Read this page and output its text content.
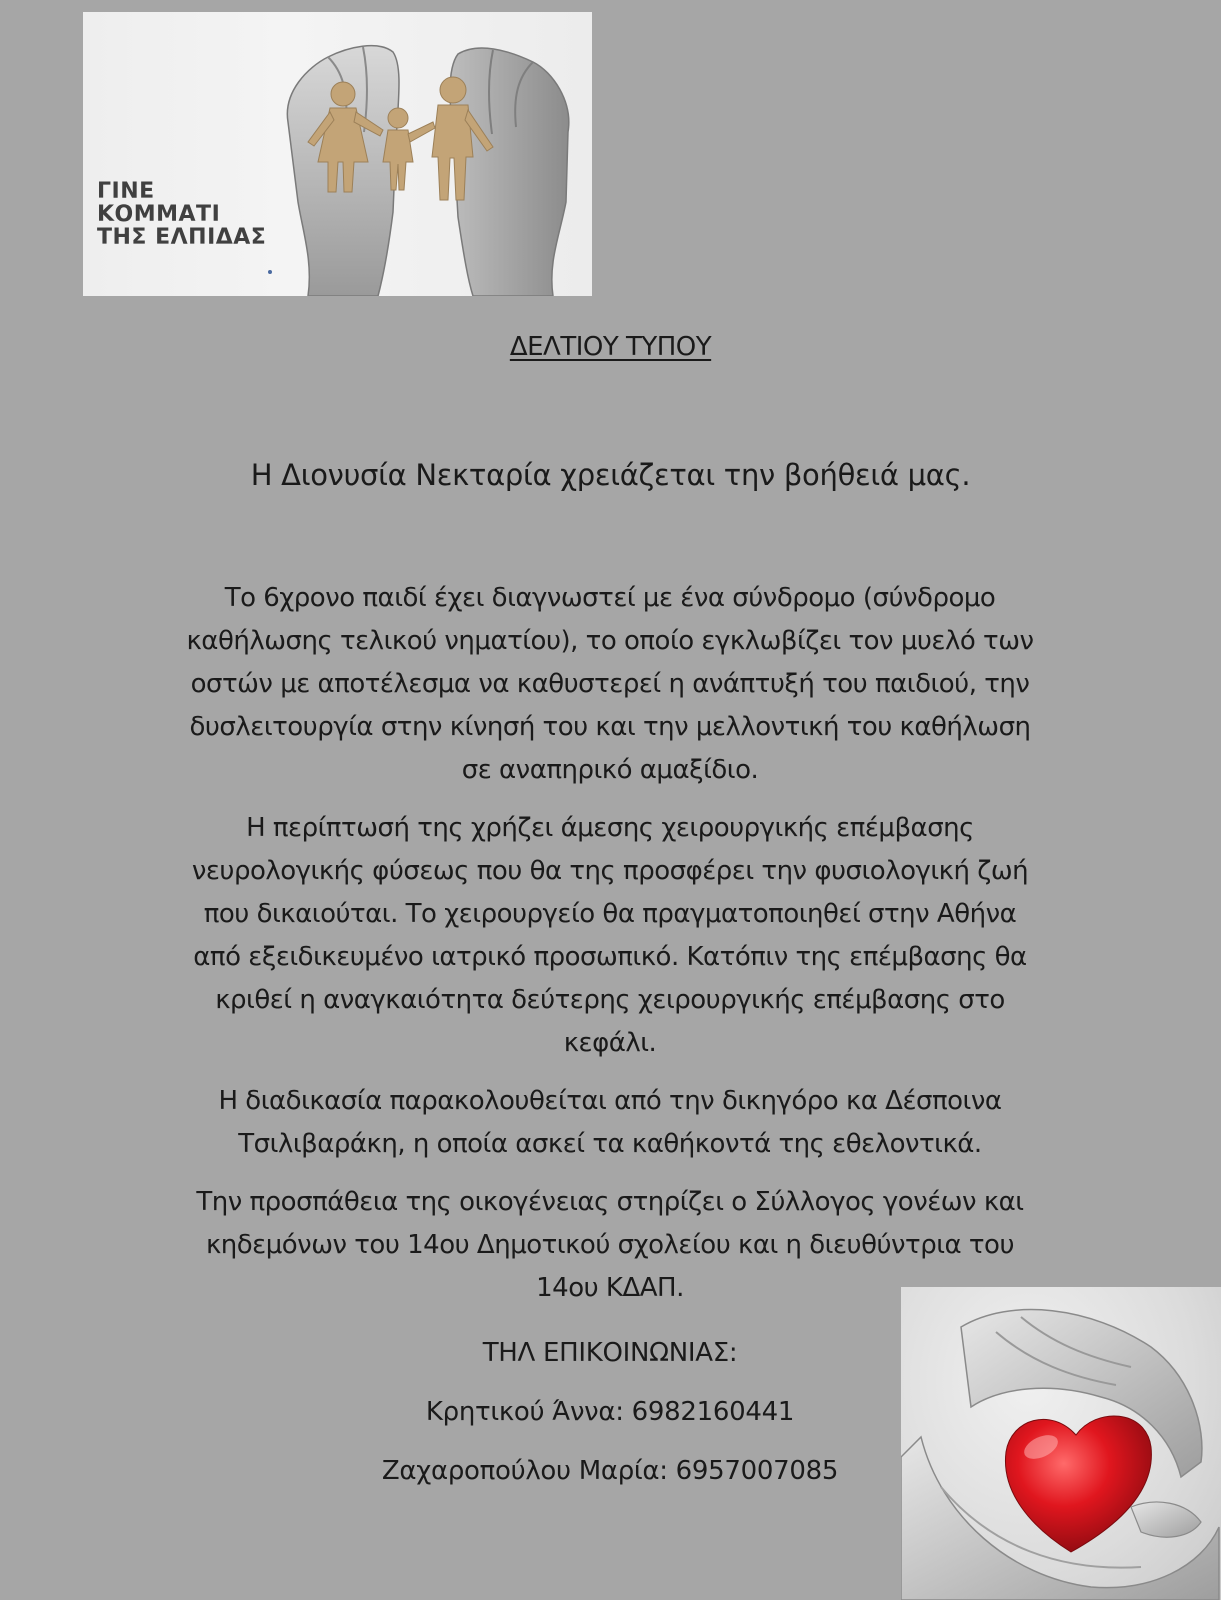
ΓΙΝΕ
ΚΟΜΜΑΤΙ
ΤΗΣ ΕΛΠΙΔΑΣ
ΔΕΛΤΙΟΥ ΤΥΠΟΥ
Η Διονυσία Νεκταρία χρειάζεται την βοήθειά μας.

Το 6χρονο παιδί έχει διαγνωστεί με ένα σύνδρομο (σύνδρομο καθήλωσης τελικού νηματίου), το οποίο εγκλωβίζει τον μυελό των οστών με αποτέλεσμα να καθυστερεί η ανάπτυξή του παιδιού, την δυσλειτουργία στην κίνησή του και την μελλοντική του καθήλωση σε αναπηρικό αμαξίδιο.

Η περίπτωσή της χρήζει άμεσης χειρουργικής επέμβασης νευρολογικής φύσεως που θα της προσφέρει την φυσιολογική ζωή που δικαιούται. Το χειρουργείο θα πραγματοποιηθεί στην Αθήνα από εξειδικευμένο ιατρικό προσωπικό. Κατόπιν της επέμβασης θα κριθεί η αναγκαιότητα δεύτερης χειρουργικής επέμβασης στο κεφάλι.

Η διαδικασία παρακολουθείται από την δικηγόρο κα Δέσποινα Τσιλιβαράκη, η οποία ασκεί τα καθήκοντά της εθελοντικά.

Την προσπάθεια της οικογένειας στηρίζει ο Σύλλογος γονέων και κηδεμόνων του 14ου Δημοτικού σχολείου και η διευθύντρια του 14ου ΚΔΑΠ.

ΤΗΛ ΕΠΙΚΟΙΝΩΝΙΑΣ:
Κρητικού Άννα: 6982160441
Ζαχαροπούλου Μαρία: 6957007085
